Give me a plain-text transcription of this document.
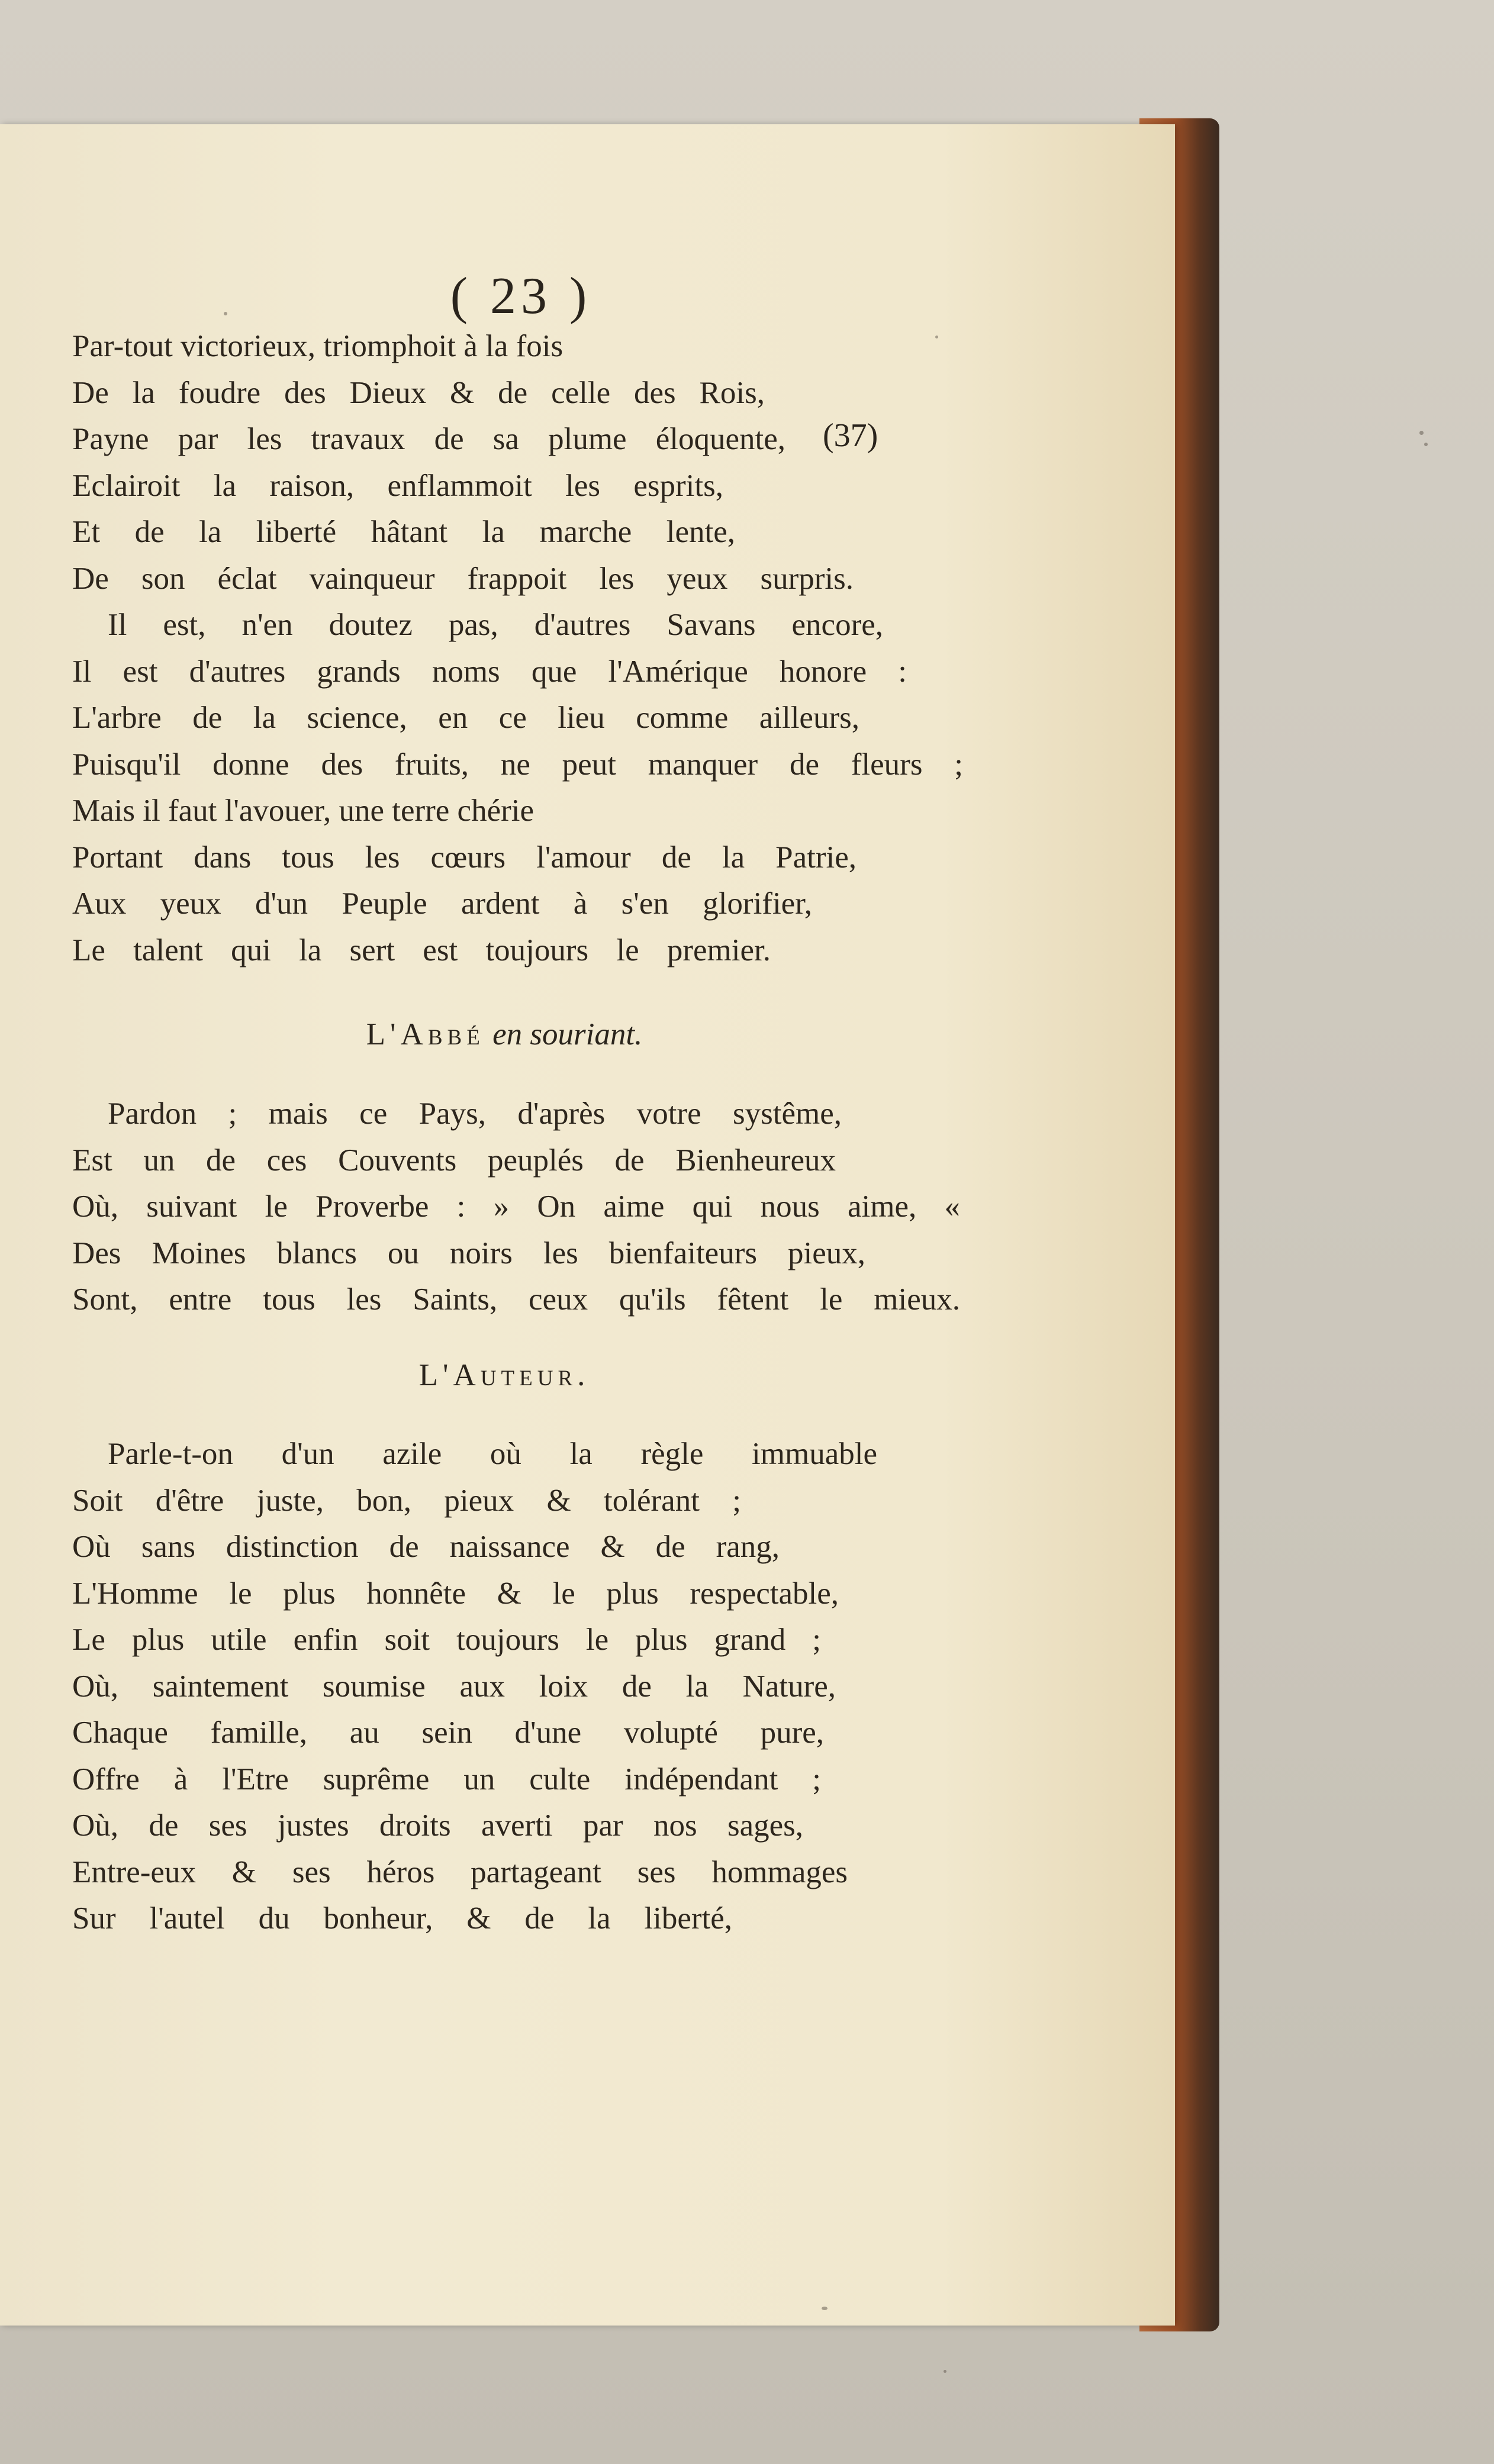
( 23 )
(37)
Par-tout victorieux, triomphoit à la fois
De la foudre des Dieux & de celle des Rois,
Payne par les travaux de sa plume éloquente,
Eclairoit la raison, enflammoit les esprits,
Et de la liberté hâtant la marche lente,
De son éclat vainqueur frappoit les yeux surpris.
Il est, n'en doutez pas, d'autres Savans encore,
Il est d'autres grands noms que l'Amérique honore :
L'arbre de la science, en ce lieu comme ailleurs,
Puisqu'il donne des fruits, ne peut manquer de fleurs ;
Mais il faut l'avouer, une terre chérie
Portant dans tous les cœurs l'amour de la Patrie,
Aux yeux d'un Peuple ardent à s'en glorifier,
Le talent qui la sert est toujours le premier.
L'Abbé en souriant.
Pardon ; mais ce Pays, d'après votre systême,
Est un de ces Couvents peuplés de Bienheureux
Où, suivant le Proverbe : » On aime qui nous aime, «
Des Moines blancs ou noirs les bienfaiteurs pieux,
Sont, entre tous les Saints, ceux qu'ils fêtent le mieux.
L'Auteur.
Parle-t-on d'un azile où la règle immuable
Soit d'être juste, bon, pieux & tolérant ;
Où sans distinction de naissance & de rang,
L'Homme le plus honnête & le plus respectable,
Le plus utile enfin soit toujours le plus grand ;
Où, saintement soumise aux loix de la Nature,
Chaque famille, au sein d'une volupté pure,
Offre à l'Etre suprême un culte indépendant ;
Où, de ses justes droits averti par nos sages,
Entre-eux & ses héros partageant ses hommages
Sur l'autel du bonheur, & de la liberté,
